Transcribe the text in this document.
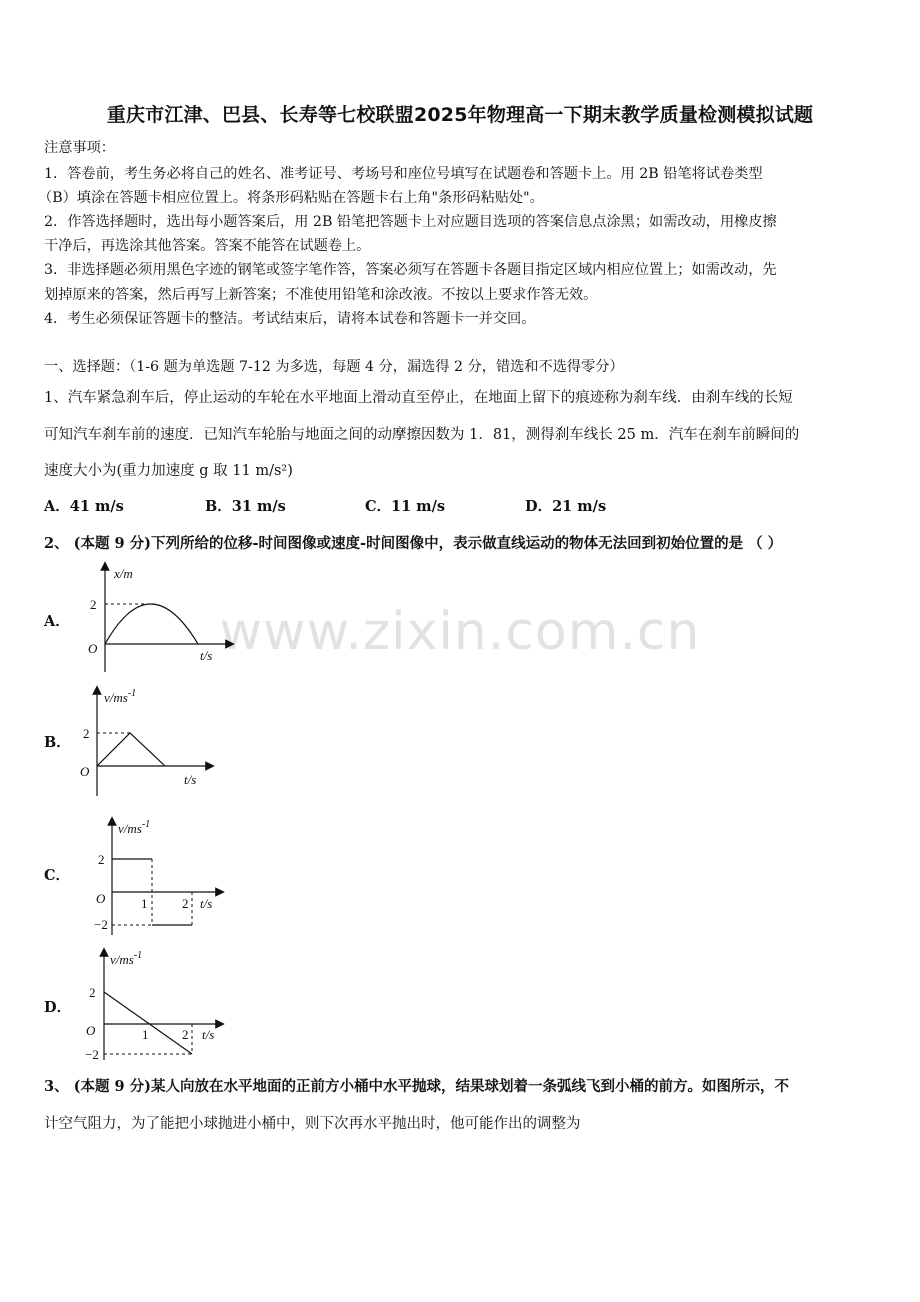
重庆市江津、巴县、长寿等七校联盟2025年物理高一下期末教学质量检测模拟试题
注意事项：
1．答卷前，考生务必将自己的姓名、准考证号、考场号和座位号填写在试题卷和答题卡上。用 2B 铅笔将试卷类型
（B）填涂在答题卡相应位置上。将条形码粘贴在答题卡右上角"条形码粘贴处"。
2．作答选择题时，选出每小题答案后，用 2B 铅笔把答题卡上对应题目选项的答案信息点涂黑；如需改动，用橡皮擦
干净后，再选涂其他答案。答案不能答在试题卷上。
3．非选择题必须用黑色字迹的钢笔或签字笔作答，答案必须写在答题卡各题目指定区域内相应位置上；如需改动，先
划掉原来的答案，然后再写上新答案；不准使用铅笔和涂改液。不按以上要求作答无效。
4．考生必须保证答题卡的整洁。考试结束后，请将本试卷和答题卡一并交回。
一、选择题：（1-6 题为单选题 7-12 为多选，每题 4 分，漏选得 2 分，错选和不选得零分）
1、汽车紧急刹车后，停止运动的车轮在水平地面上滑动直至停止，在地面上留下的痕迹称为刹车线．由刹车线的长短
可知汽车刹车前的速度．已知汽车轮胎与地面之间的动摩擦因数为 1．81，测得刹车线长 25 m．汽车在刹车前瞬间的
速度大小为(重力加速度 g 取 11 m/s²)
A．41 m/s	B．31 m/s	C．11 m/s	D．21 m/s
2、 (本题 9 分)下列所给的位移-时间图像或速度-时间图像中，表示做直线运动的物体无法回到初始位置的是 （ ）
www.zixin.com.cn
A．
B．
C．
D．
x/m
2
O	t/s
$v/ms^{-1}$
2
O
t/s
$v/ms^{-1}$
2
−2
O	1	2 t/s
$v/ms^{-1}$
2
−2
O	1	2 t/s
3、 (本题 9 分)某人向放在水平地面的正前方小桶中水平抛球，结果球划着一条弧线飞到小桶的前方。如图所示，不
计空气阻力，为了能把小球抛进小桶中，则下次再水平抛出时，他可能作出的调整为
